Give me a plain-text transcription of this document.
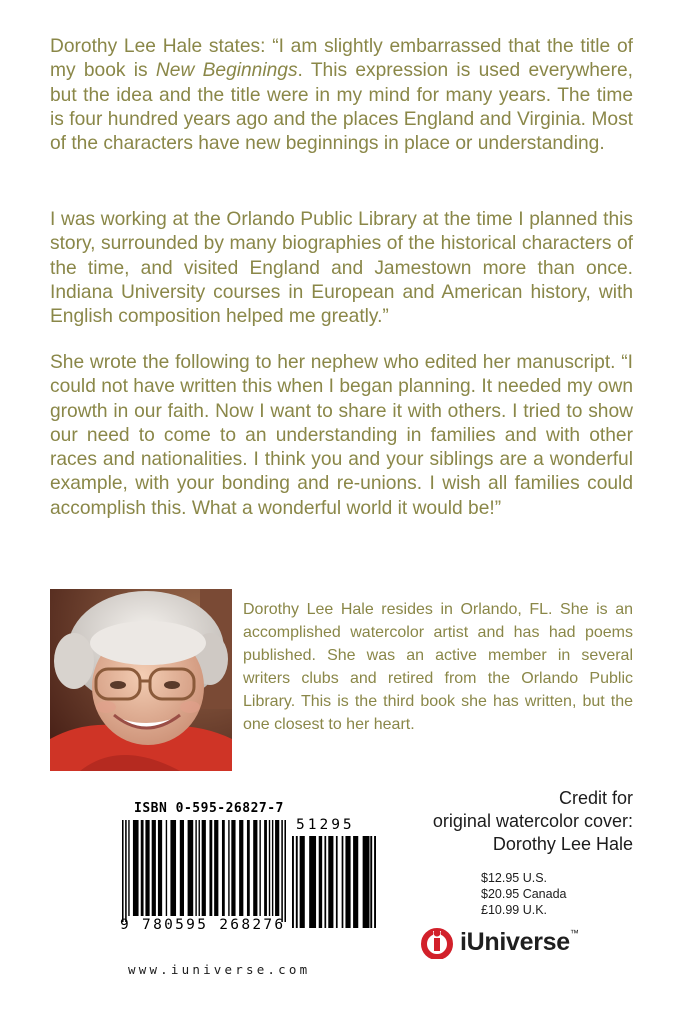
Dorothy Lee Hale states: “I am slightly embarrassed that the title of my book is New Beginnings. This expression is used everywhere, but the idea and the title were in my mind for many years. The time is four hundred years ago and the places England and Virginia. Most of the characters have new beginnings in place or understanding.

I was working at the Orlando Public Library at the time I planned this story, surrounded by many biographies of the historical characters of the time, and visited England and Jamestown more than once. Indiana University courses in European and American history, with English composition helped me greatly.”

She wrote the following to her nephew who edited her manuscript. “I could not have written this when I began planning. It needed my own growth in our faith. Now I want to share it with others. I tried to show our need to come to an understanding in families and with other races and nationalities. I think you and your siblings are a wonderful example, with your bonding and re-unions. I wish all families could accomplish this. What a wonderful world it would be!”

Dorothy Lee Hale resides in Orlando, FL. She is an accomplished watercolor artist and has had poems published. She was an active member in several writers clubs and retired from the Orlando Public Library. This is the third book she has written, but the one closest to her heart.

Credit for
original watercolor cover:
Dorothy Lee Hale
ISBN 0-595-26827-7
51295
9 780595 268276
$12.95 U.S.
$20.95 Canada
£10.99 U.K.
iUniverse™
www.iuniverse.com
